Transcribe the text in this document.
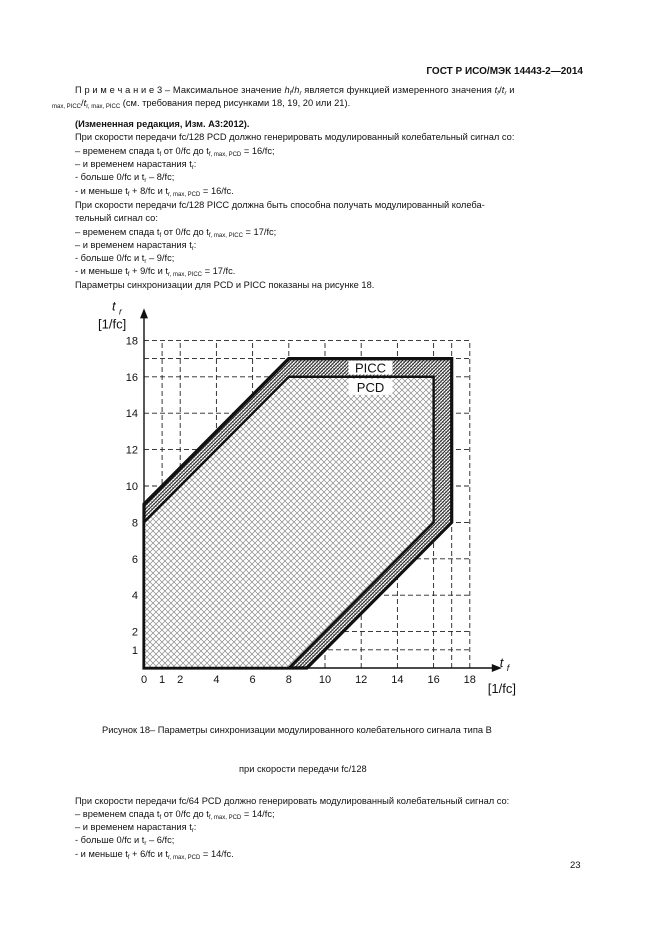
ГОСТ Р ИСО/МЭК 14443-2—2014
П р и м е ч а н и е 3 – Максимальное значение $h_f/h_r$ является функцией измеренного значения $t_f/t_r$ и
$_{max, PICC}/t_{r, max, PICC}$ (см. требования перед рисунками 18, 19, 20 или 21).
(Измененная редакция, Изм. А3:2012).
При скорости передачи fc/128 PCD должно генерировать модулированный колебательный сигнал со:
– временем спада $t_f$ от 0/fc до $t_{f, max, PCD} = 16/fc$;
– и временем нарастания $t_r$:
- больше 0/fc и $t_r - 8/fc$;
- и меньше $t_f + 8/fc$ и $t_{r, max, PCD} = 16/fc$.
При скорости передачи fc/128 PICC должна быть способна получать модулированный колеба-
тельный сигнал со:
– временем спада $t_f$ от 0/fc до $t_{f, max, PICC} = 17/fc$;
– и временем нарастания $t_r$:
- больше 0/fc и $t_r - 9/fc$;
- и меньше $t_f + 9/fc$ и $t_{r, max, PICC} = 17/fc$.
Параметры синхронизации для PCD и PICC показаны на рисунке 18.
PICC
PCD
0 1 2	4	6	8 10 12 14 16 18
1
2
4
6
8
10
12
14
16
18
t r
[1/fc]
t f
[1/fc]
Рисунок 18– Параметры синхронизации модулированного колебательного сигнала типа B
при скорости передачи fc/128
При скорости передачи fc/64 PCD должно генерировать модулированный колебательный сигнал со:
– временем спада $t_f$ от 0/fc до $t_{f, max, PCD} = 14/fc$;
– и временем нарастания $t_r$:
- больше 0/fc и $t_r - 6/fc$;
- и меньше $t_f + 6/fc$ и $t_{r, max, PCD} = 14/fc$.
23
